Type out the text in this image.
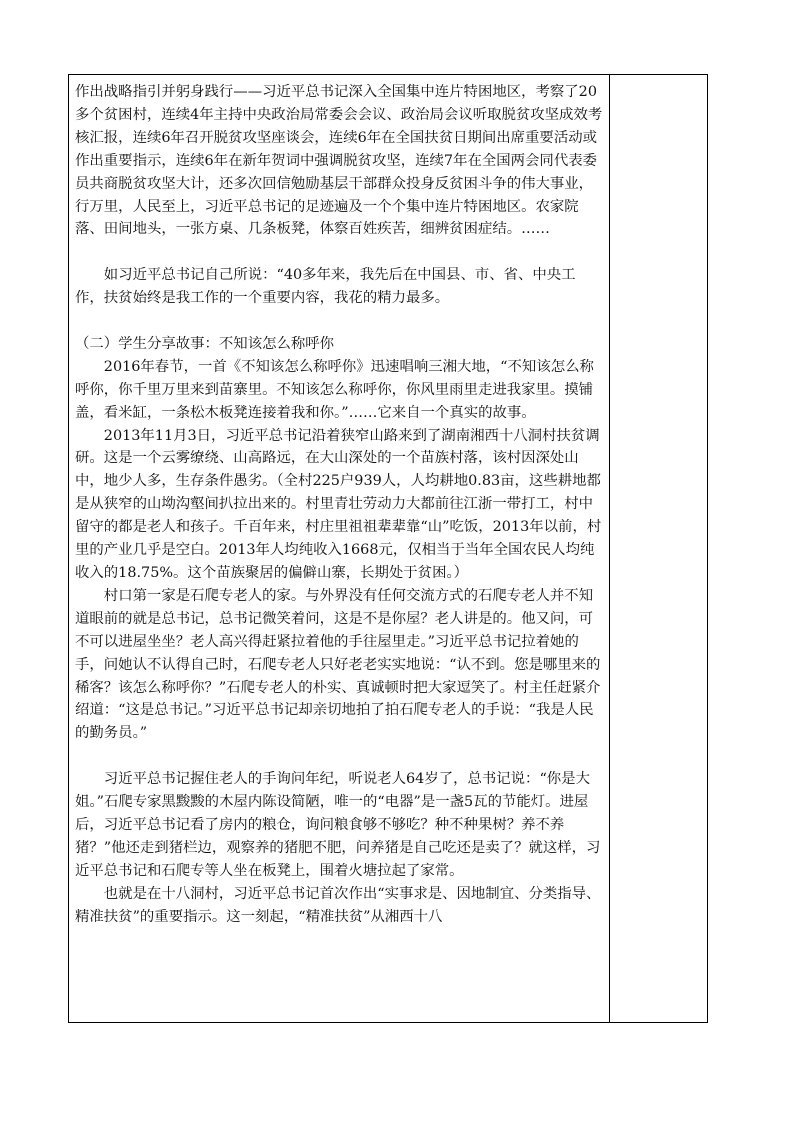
作出战略指引并躬身践行——习近平总书记深入全国集中连片特困地区，考察了20多个贫困村，连续4年主持中央政治局常委会会议、政治局会议听取脱贫攻坚成效考核汇报，连续6年召开脱贫攻坚座谈会，连续6年在全国扶贫日期间出席重要活动或作出重要指示，连续6年在新年贺词中强调脱贫攻坚，连续7年在全国两会同代表委员共商脱贫攻坚大计，还多次回信勉励基层干部群众投身反贫困斗争的伟大事业，行万里，人民至上，习近平总书记的足迹遍及一个个集中连片特困地区。农家院落、田间地头，一张方桌、几条板凳，体察百姓疾苦，细辨贫困症结。……

如习近平总书记自己所说：“40多年来，我先后在中国县、市、省、中央工作，扶贫始终是我工作的一个重要内容，我花的精力最多。

（二）学生分享故事：不知该怎么称呼你

2016年春节，一首《不知该怎么称呼你》迅速唱响三湘大地，“不知该怎么称呼你，你千里万里来到苗寨里。不知该怎么称呼你，你风里雨里走进我家里。摸铺盖，看米缸，一条松木板凳连接着我和你。”……它来自一个真实的故事。

2013年11月3日，习近平总书记沿着狭窄山路来到了湖南湘西十八洞村扶贫调研。这是一个云雾缭绕、山高路远，在大山深处的一个苗族村落，该村因深处山中，地少人多，生存条件愚劣。（全村225户939人，人均耕地0.83亩，这些耕地都是从狭窄的山坳沟壑间扒拉出来的。村里青壮劳动力大都前往江浙一带打工，村中留守的都是老人和孩子。千百年来，村庄里祖祖辈辈靠“山”吃饭，2013年以前，村里的产业几乎是空白。2013年人均纯收入1668元，仅相当于当年全国农民人均纯收入的18.75%。这个苗族聚居的偏僻山寨，长期处于贫困。）

村口第一家是石爬专老人的家。与外界没有任何交流方式的石爬专老人并不知道眼前的就是总书记，总书记微笑着问，这是不是你屋？老人讲是的。他又问，可不可以进屋坐坐？老人高兴得赶紧拉着他的手往屋里走。”习近平总书记拉着她的手，问她认不认得自己时，石爬专老人只好老老实实地说：“认不到。您是哪里来的稀客？该怎么称呼你？”石爬专老人的朴实、真诚顿时把大家逗笑了。村主任赶紧介绍道：“这是总书记。”习近平总书记却亲切地拍了拍石爬专老人的手说：“我是人民的勤务员。”

习近平总书记握住老人的手询问年纪，听说老人64岁了，总书记说：“你是大姐。”石爬专家黑黢黢的木屋内陈设简陋，唯一的“电器”是一盏5瓦的节能灯。进屋后，习近平总书记看了房内的粮仓，询问粮食够不够吃？种不种果树？养不养猪？”他还走到猪栏边，观察养的猪肥不肥，问养猪是自己吃还是卖了？就这样，习近平总书记和石爬专等人坐在板凳上，围着火塘拉起了家常。

也就是在十八洞村，习近平总书记首次作出“实事求是、因地制宜、分类指导、精准扶贫”的重要指示。这一刻起，“精准扶贫”从湘西十八
